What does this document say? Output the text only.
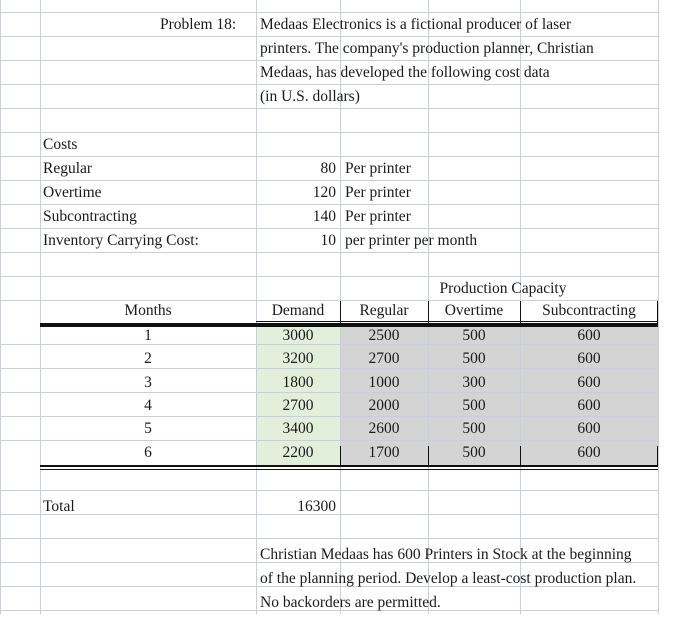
Problem 18: Medaas Electronics is a fictional producer of laser
printers. The company's production planner, Christian
Medaas, has developed the following cost data
(in U.S. dollars)
Costs
Regular	80 Per printer
Overtime	120 Per printer
Subcontracting	140 Per printer
Inventory Carrying Cost:	10 per printer per month
Production Capacity
Months	Demand	Regular	Overtime	Subcontracting
1	3000	2500	500	600
2	3200	2700	500	600
3	1800	1000	300	600
4	2700	2000	500	600
5	3400	2600	500	600
6	2200	1700	500	600
Total	16300
Christian Medaas has 600 Printers in Stock at the beginning
of the planning period. Develop a least-cost production plan.
No backorders are permitted.
